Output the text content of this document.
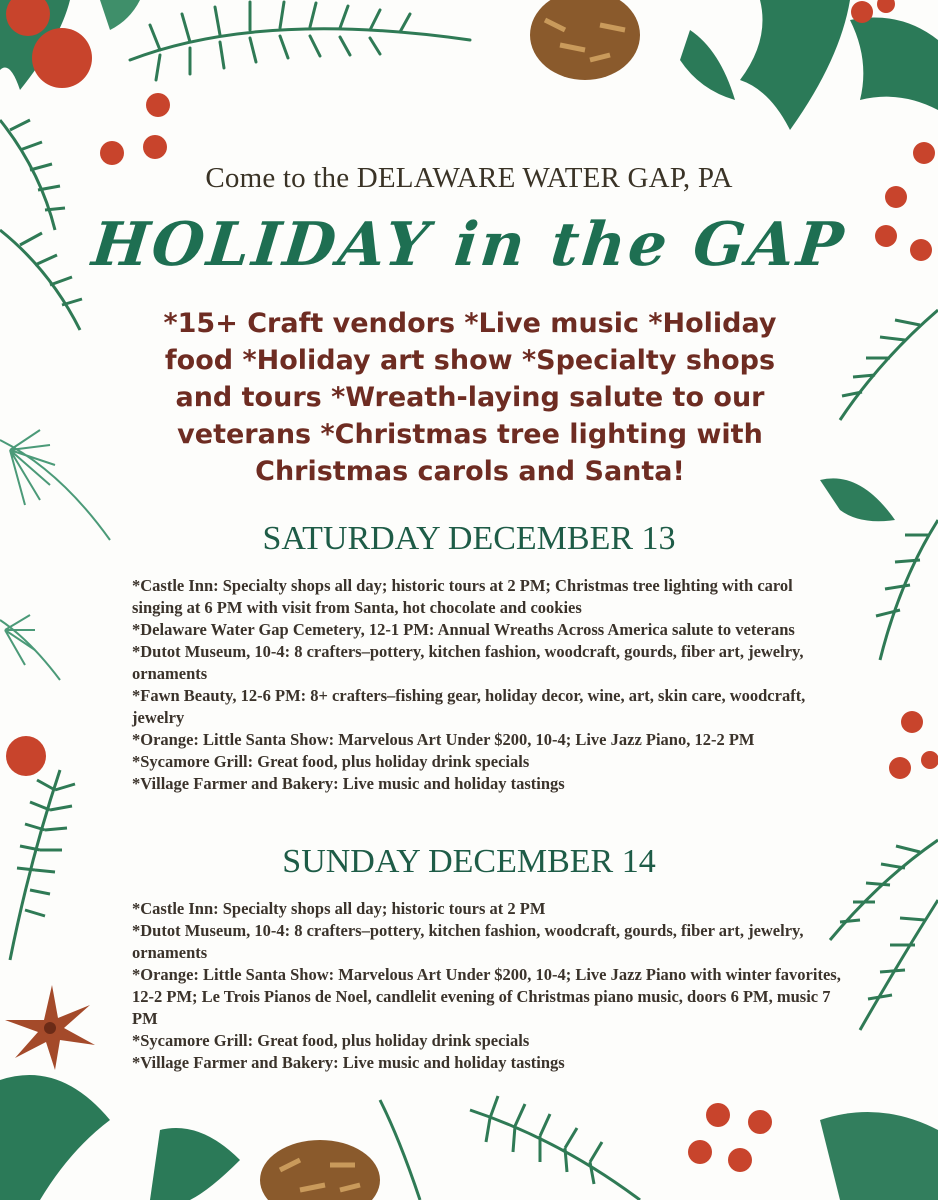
Come to the DELAWARE WATER GAP, PA
HOLIDAY in the GAP
*15+ Craft vendors *Live music *Holiday food *Holiday art show *Specialty shops and tours *Wreath-laying salute to our veterans *Christmas tree lighting with Christmas carols and Santa!
SATURDAY DECEMBER 13
*Castle Inn: Specialty shops all day; historic tours at 2 PM; Christmas tree lighting with carol singing at 6 PM with visit from Santa, hot chocolate and cookies
*Delaware Water Gap Cemetery, 12-1 PM: Annual Wreaths Across America salute to veterans
*Dutot Museum, 10-4: 8 crafters–pottery, kitchen fashion, woodcraft, gourds, fiber art, jewelry, ornaments
*Fawn Beauty, 12-6 PM: 8+ crafters–fishing gear, holiday decor, wine, art, skin care, woodcraft, jewelry
*Orange: Little Santa Show: Marvelous Art Under $200, 10-4; Live Jazz Piano, 12-2 PM
*Sycamore Grill: Great food, plus holiday drink specials
*Village Farmer and Bakery: Live music and holiday tastings
SUNDAY DECEMBER 14
*Castle Inn: Specialty shops all day; historic tours at 2 PM
*Dutot Museum, 10-4: 8 crafters–pottery, kitchen fashion, woodcraft, gourds, fiber art, jewelry, ornaments
*Orange: Little Santa Show: Marvelous Art Under $200, 10-4; Live Jazz Piano with winter favorites, 12-2 PM; Le Trois Pianos de Noel, candlelit evening of Christmas piano music, doors 6 PM, music 7 PM
*Sycamore Grill: Great food, plus holiday drink specials
*Village Farmer and Bakery: Live music and holiday tastings
